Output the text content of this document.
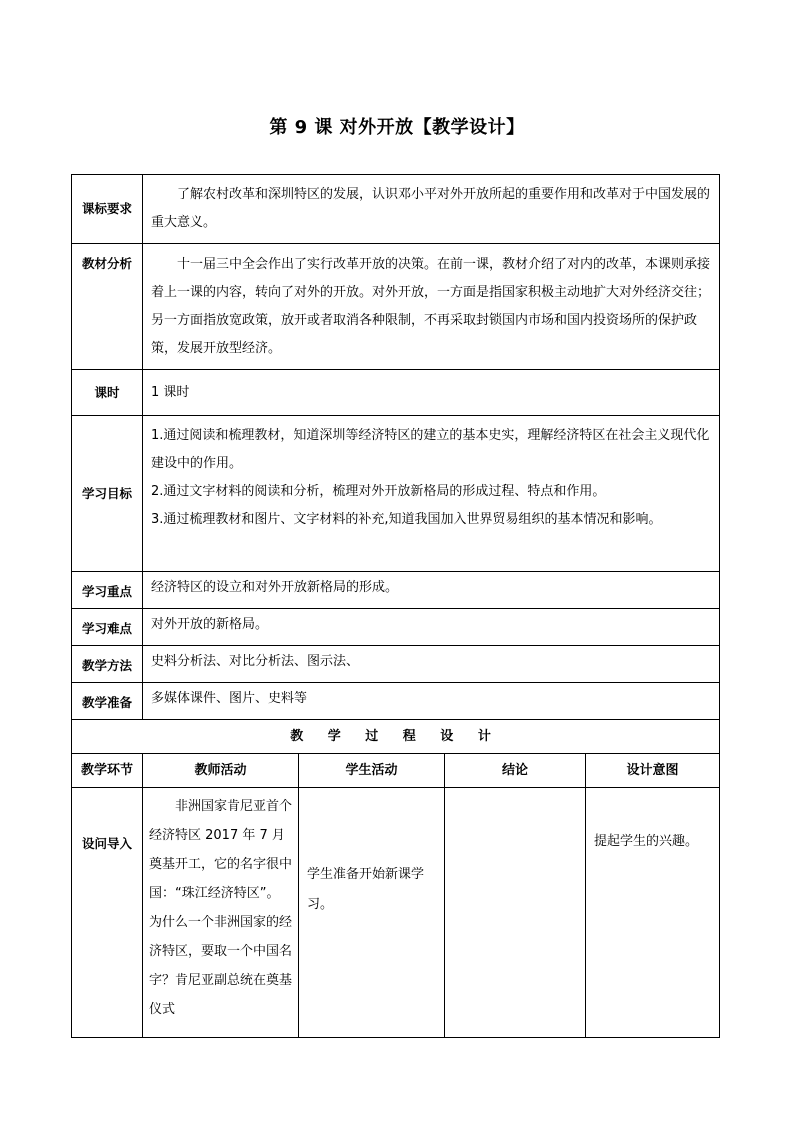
第 9 课 对外开放【教学设计】
课标要求	了解农村改革和深圳特区的发展，认识邓小平对外开放所起的重要作用和改革对于中国发展的重大意义。			
教材分析	十一届三中全会作出了实行改革开放的决策。在前一课，教材介绍了对内的改革，本课则承接着上一课的内容，转向了对外的开放。对外开放，一方面是指国家积极主动地扩大对外经济交往；另一方面指放宽政策，放开或者取消各种限制，不再采取封锁国内市场和国内投资场所的保护政策，发展开放型经济。			
课时	1 课时			
学习目标	1.通过阅读和梳理教材，知道深圳等经济特区的建立的基本史实，理解经济特区在社会主义现代化建设中的作用。

2.通过文字材料的阅读和分析，梳理对外开放新格局的形成过程、特点和作用。

3.通过梳理教材和图片、文字材料的补充,知道我国加入世界贸易组织的基本情况和影响。			

学习重点	经济特区的设立和对外开放新格局的形成。			
学习难点	对外开放的新格局。			
教学方法	史料分析法、对比分析法、图示法、			
教学准备	多媒体课件、图片、史料等			
教 学 过 程 设 计				
教学环节	教师活动	学生活动	结论	设计意图
设问导入	非洲国家肯尼亚首个经济特区 2017 年 7 月奠基开工，它的名字很中国：“珠江经济特区”。为什么一个非洲国家的经济特区，要取一个中国名字？肯尼亚副总统在奠基仪式	学生准备开始新课学习。		提起学生的兴趣。
